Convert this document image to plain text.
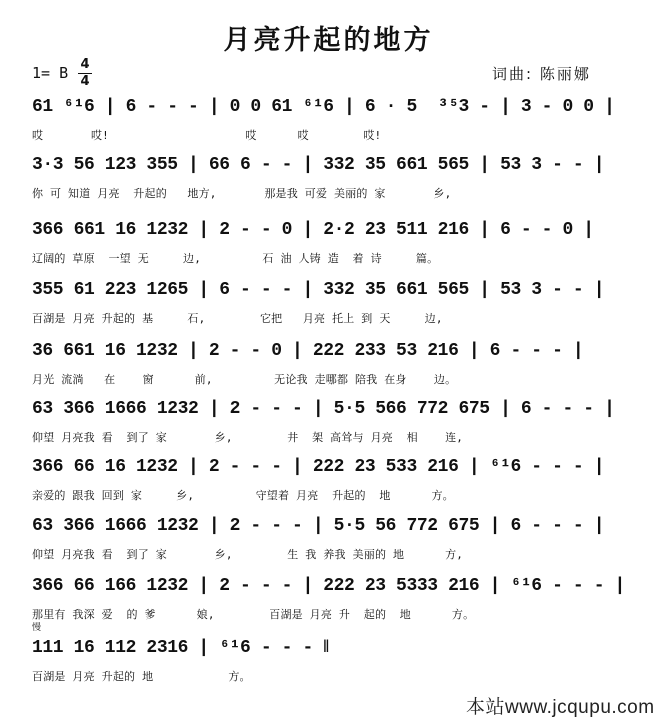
月亮升起的地方
1= B 4
4	词曲: 陈丽娜
61 ⁶¹6 | 6 - - - | 0 0 61 ⁶¹6 | 6 · 5  ³⁵3 - | 3 - 0 0 |
哎       哎!                    哎      哎        哎!
3·3 56 123 355 | 66 6 - - | 332 35 661 565 | 53 3 - - |
你 可 知道 月亮  升起的   地方,       那是我 可爱 美丽的 家       乡,
366 661 16 1232 | 2 - - 0 | 2·2 23 511 216 | 6 - - 0 |
辽阔的 草原  一望 无     边,         石 油 人铸 造  着 诗     篇。
355 61 223 1265 | 6 - - - | 332 35 661 565 | 53 3 - - |
百湖是 月亮 升起的 基     石,        它把   月亮 托上 到 天     边,
36 661 16 1232 | 2 - - 0 | 222 233 53 216 | 6 - - - |
月光 流淌   在    窗      前,         无论我 走哪都 陪我 在身    边。
63 366 1666 1232 | 2 - - - | 5·5 566 772 675 | 6 - - - |
仰望 月亮我 看  到了 家       乡,        井  架 高耸与 月亮  相    连,
366 66 16 1232 | 2 - - - | 222 23 533 216 | ⁶¹6 - - - |
亲爱的 跟我 回到 家     乡,         守望着 月亮  升起的  地      方。
63 366 1666 1232 | 2 - - - | 5·5 56 772 675 | 6 - - - |
仰望 月亮我 看  到了 家       乡,        生 我 养我 美丽的 地      方,
366 66 166 1232 | 2 - - - | 222 23 5333 216 | ⁶¹6 - - - |
那里有 我深 爱  的 爹      娘,        百湖是 月亮 升  起的  地      方。
慢
111 16 112 2316 | ⁶¹6 - - - ‖
百湖是 月亮 升起的 地           方。
本站www.jcqupu.com
